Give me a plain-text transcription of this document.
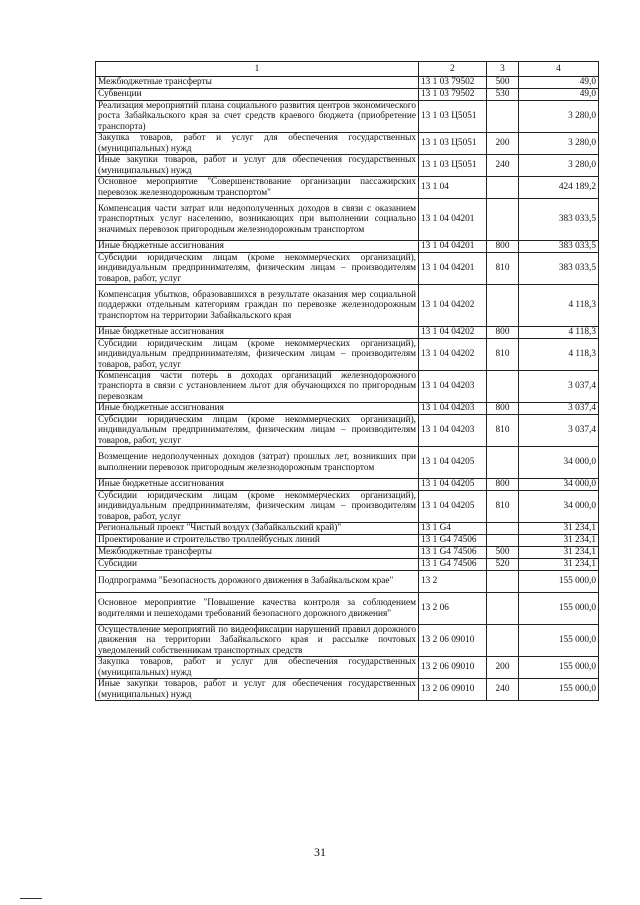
1	2	3	4
Межбюджетные трансферты	13 1 03 79502	500	49,0
Субвенции	13 1 03 79502	530	49,0
Реализация мероприятий плана социального развития центров экономического роста Забайкальского края за счет средств краевого бюджета (приобретение транспорта)	13 1 03 Ц5051		3 280,0
Закупка товаров, работ и услуг для обеспечения государственных (муниципальных) нужд	13 1 03 Ц5051	200	3 280,0
Иные закупки товаров, работ и услуг для обеспечения государственных (муниципальных) нужд	13 1 03 Ц5051	240	3 280,0
Основное мероприятие "Совершенствование организации пассажирских перевозок железнодорожным транспортом"	13 1 04		424 189,2
Компенсация части затрат или недополученных доходов в связи с оказанием транспортных услуг населению, возникающих при выполнении социально значимых перевозок пригородным железнодорожным транспортом	13 1 04 04201		383 033,5
Иные бюджетные ассигнования	13 1 04 04201	800	383 033,5
Субсидии юридическим лицам (кроме некоммерческих организаций), индивидуальным предпринимателям, физическим лицам – производителям товаров, работ, услуг	13 1 04 04201	810	383 033,5
Компенсация убытков, образовавшихся в результате оказания мер социальной поддержки отдельным категориям граждан по перевозке железнодорожным транспортом на территории Забайкальского края	13 1 04 04202		4 118,3
Иные бюджетные ассигнования	13 1 04 04202	800	4 118,3
Субсидии юридическим лицам (кроме некоммерческих организаций), индивидуальным предпринимателям, физическим лицам – производителям товаров, работ, услуг	13 1 04 04202	810	4 118,3
Компенсация части потерь в доходах организаций железнодорожного транспорта в связи с установлением льгот для обучающихся по пригородным перевозкам	13 1 04 04203		3 037,4
Иные бюджетные ассигнования	13 1 04 04203	800	3 037,4
Субсидии юридическим лицам (кроме некоммерческих организаций), индивидуальным предпринимателям, физическим лицам – производителям товаров, работ, услуг	13 1 04 04203	810	3 037,4
Возмещение недополученных доходов (затрат) прошлых лет, возникших при выполнении перевозок пригородным железнодорожным транспортом	13 1 04 04205		34 000,0
Иные бюджетные ассигнования	13 1 04 04205	800	34 000,0
Субсидии юридическим лицам (кроме некоммерческих организаций), индивидуальным предпринимателям, физическим лицам – производителям товаров, работ, услуг	13 1 04 04205	810	34 000,0
Региональный проект "Чистый воздух (Забайкальский край)"	13 1 G4		31 234,1
Проектирование и строительство троллейбусных линий	13 1 G4 74506		31 234,1
Межбюджетные трансферты	13 1 G4 74506	500	31 234,1
Субсидии	13 1 G4 74506	520	31 234,1
Подпрограмма "Безопасность дорожного движения в Забайкальском крае"	13 2		155 000,0
Основное мероприятие "Повышение качества контроля за соблюдением водителями и пешеходами требований безопасного дорожного движения"	13 2 06		155 000,0
Осуществление мероприятий по видеофиксации нарушений правил дорожного движения на территории Забайкальского края и рассылке почтовых уведомлений собственникам транспортных средств	13 2 06 09010		155 000,0
Закупка товаров, работ и услуг для обеспечения государственных (муниципальных) нужд	13 2 06 09010	200	155 000,0
Иные закупки товаров, работ и услуг для обеспечения государственных (муниципальных) нужд	13 2 06 09010	240	155 000,0
31
